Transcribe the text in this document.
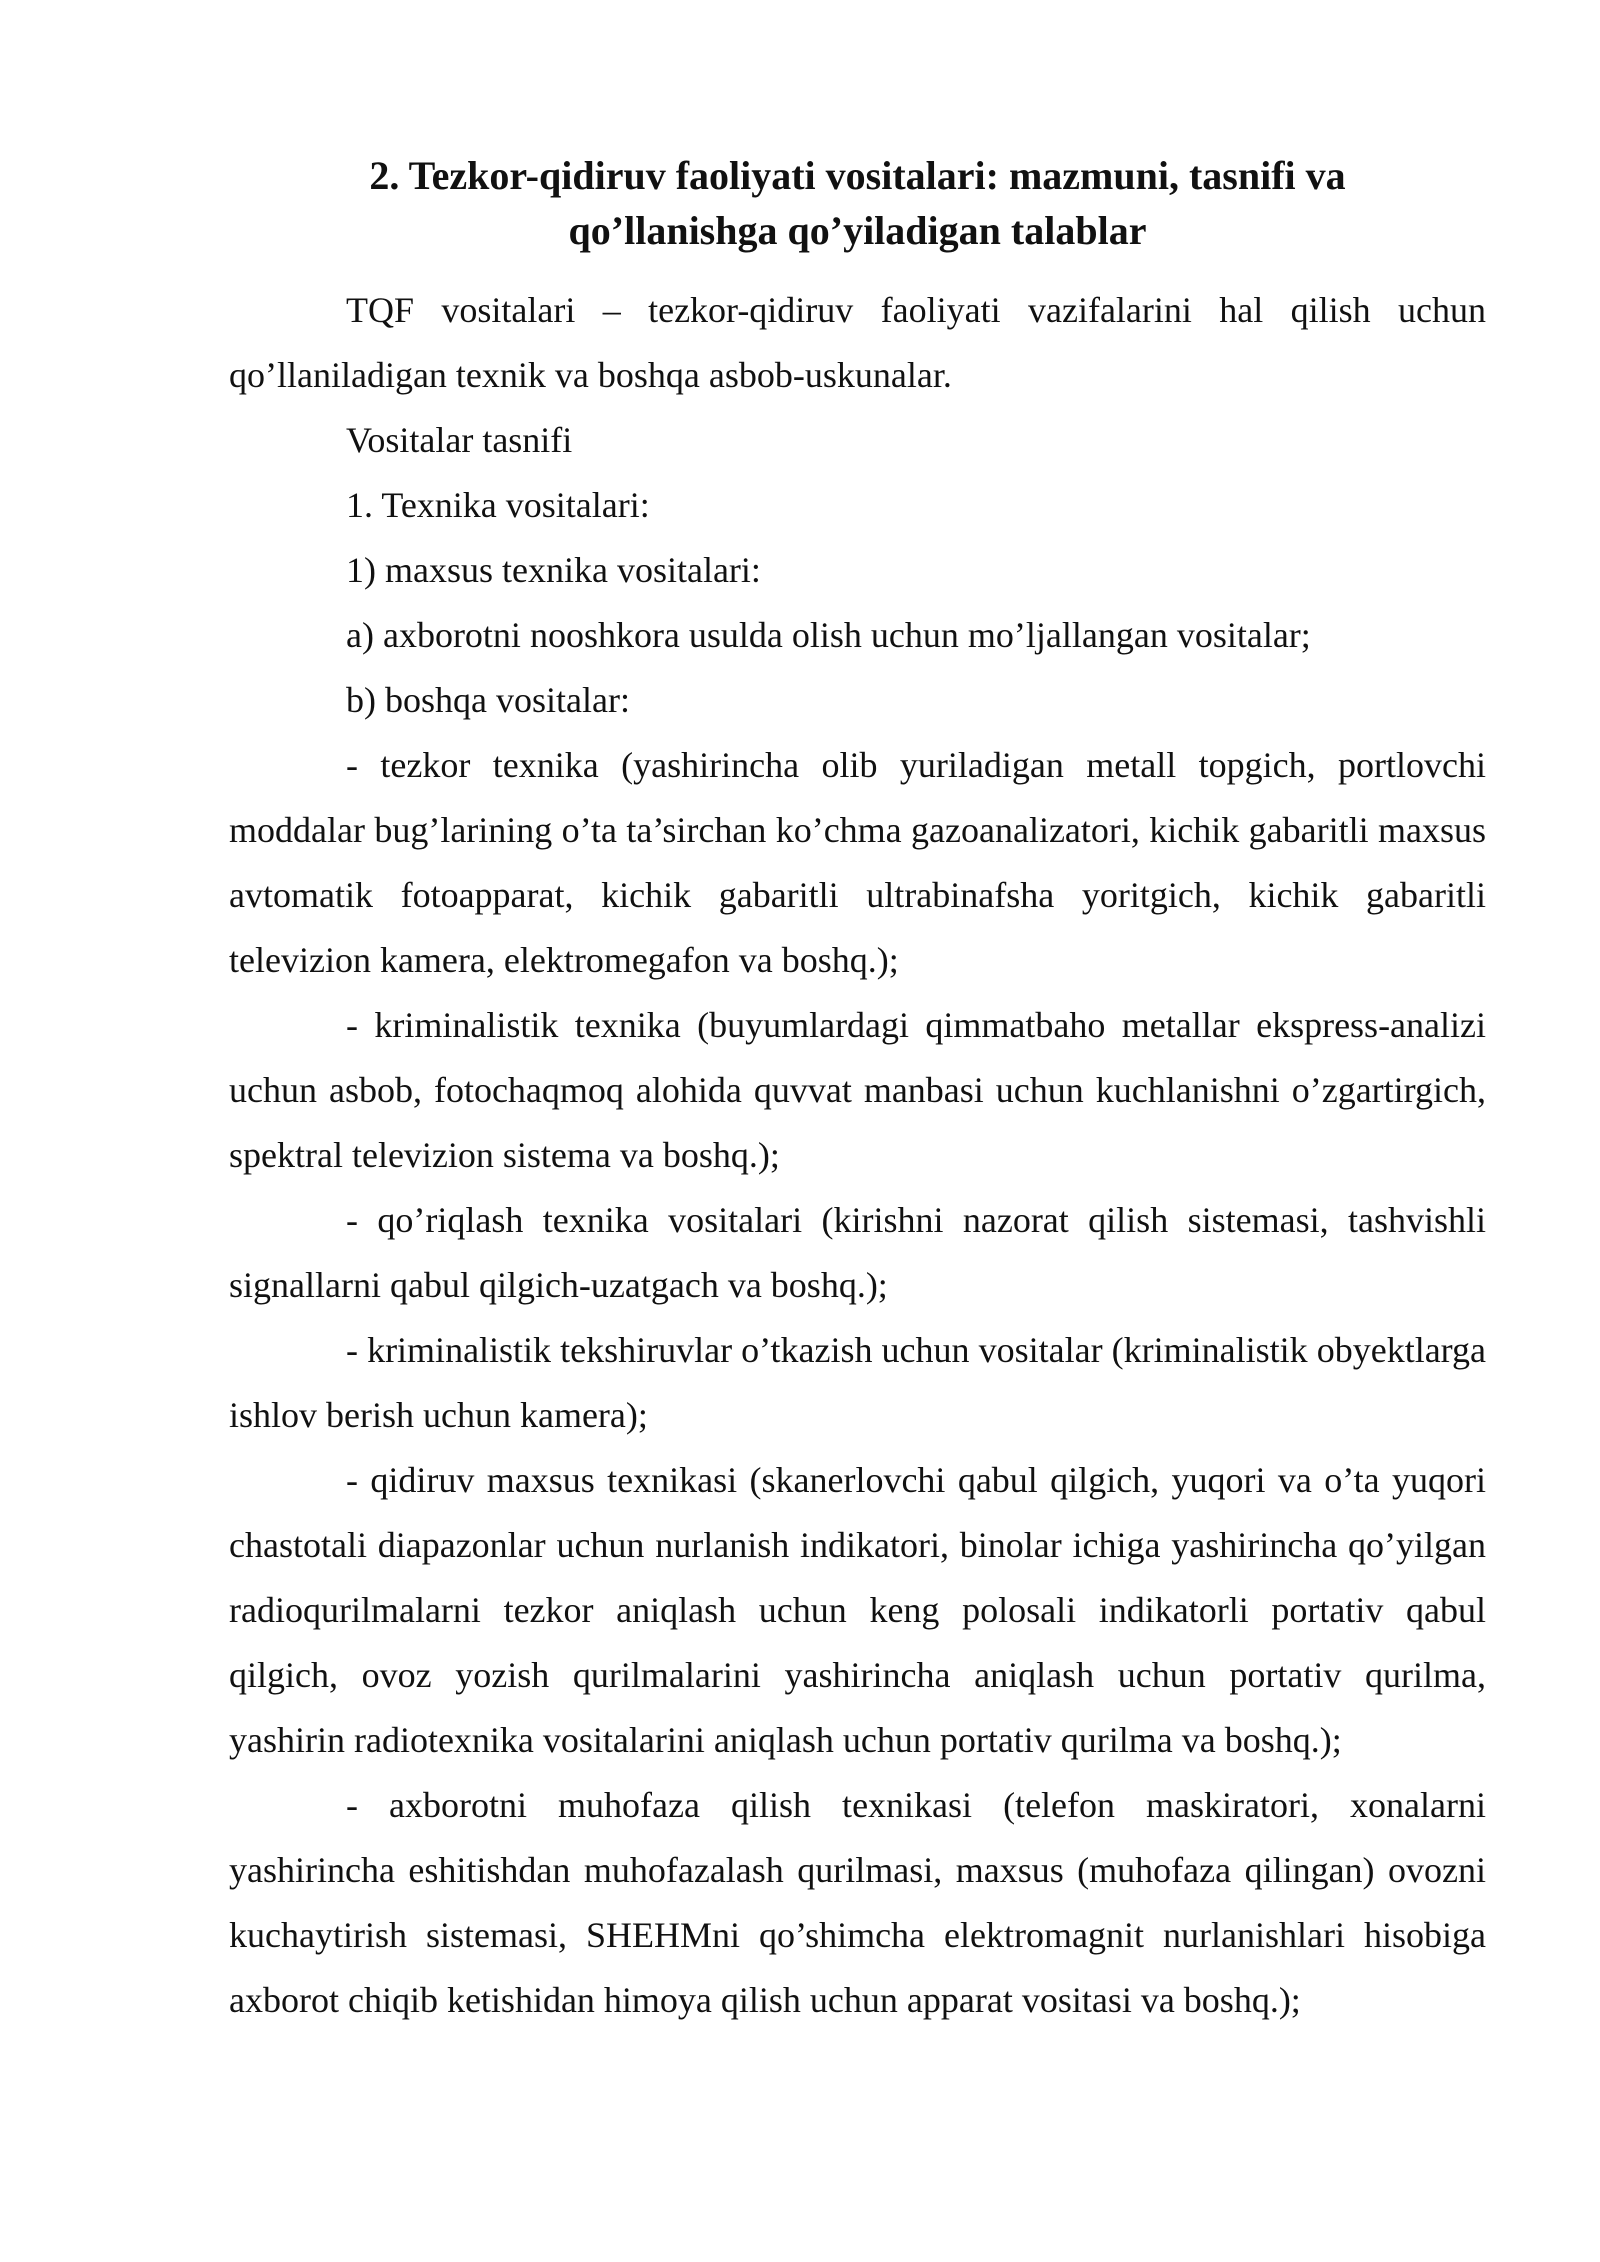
2. Tezkor-qidiruv faoliyati vositalari: mazmuni, tasnifi va
qo’llanishga qo’yiladigan talablar

TQF vositalari – tezkor-qidiruv faoliyati vazifalarini hal qilish uchun qo’llaniladigan texnik va boshqa asbob-uskunalar.

Vositalar tasnifi

1. Texnika vositalari:

1) maxsus texnika vositalari:

a) axborotni nooshkora usulda olish uchun mo’ljallangan vositalar;

b) boshqa vositalar:

- tezkor texnika (yashirincha olib yuriladigan metall topgich, portlovchi moddalar bug’larining o’ta ta’sirchan ko’chma gazoanalizatori, kichik gabaritli maxsus avtomatik fotoapparat, kichik gabaritli ultrabinafsha yoritgich, kichik gabaritli televizion kamera, elektromegafon va boshq.);

- kriminalistik texnika (buyumlardagi qimmatbaho metallar ekspress-analizi uchun asbob, fotochaqmoq alohida quvvat manbasi uchun kuchlanishni o’zgartirgich, spektral televizion sistema va boshq.);

- qo’riqlash texnika vositalari (kirishni nazorat qilish sistemasi, tashvishli signallarni qabul qilgich-uzatgach va boshq.);

- kriminalistik tekshiruvlar o’tkazish uchun vositalar (kriminalistik obyektlarga ishlov berish uchun kamera);

- qidiruv maxsus texnikasi (skanerlovchi qabul qilgich, yuqori va o’ta yuqori chastotali diapazonlar uchun nurlanish indikatori, binolar ichiga yashirincha qo’yilgan radioqurilmalarni tezkor aniqlash uchun keng polosali indikatorli portativ qabul qilgich, ovoz yozish qurilmalarini yashirincha aniqlash uchun portativ qurilma, yashirin radiotexnika vositalarini aniqlash uchun portativ qurilma va boshq.);

- axborotni muhofaza qilish texnikasi (telefon maskiratori, xonalarni yashirincha eshitishdan muhofazalash qurilmasi, maxsus (muhofaza qilingan) ovozni kuchaytirish sistemasi, SHEHMni qo’shimcha elektromagnit nurlanishlari hisobiga axborot chiqib ketishidan himoya qilish uchun apparat vositasi va boshq.);
